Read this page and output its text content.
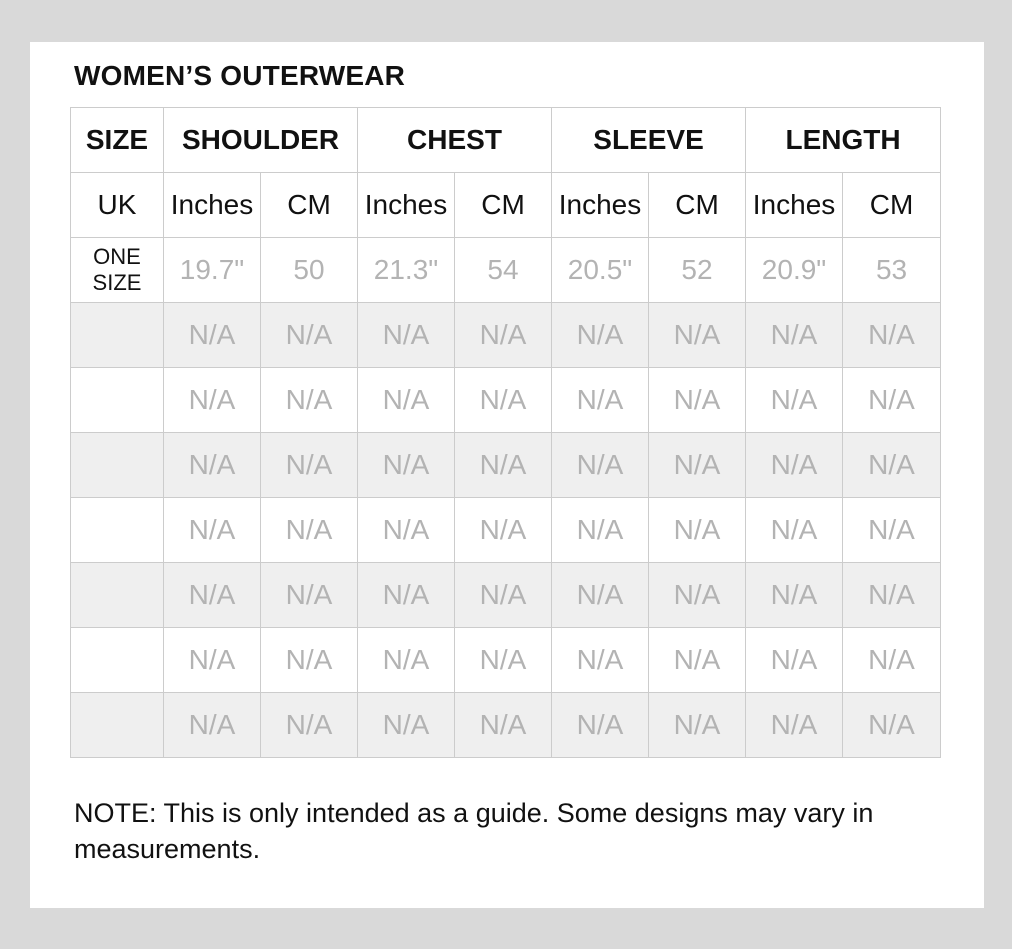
WOMEN’S OUTERWEAR
SIZE	SHOULDER		CHEST		SLEEVE		LENGTH	
UK	Inches	CM	Inches	CM	Inches	CM	Inches	CM

ONE
SIZE	19.7"	50	21.3"	54	20.5"	52	20.9"	53

	N/A	N/A	N/A	N/A	N/A	N/A	N/A	N/A

	N/A	N/A	N/A	N/A	N/A	N/A	N/A	N/A

	N/A	N/A	N/A	N/A	N/A	N/A	N/A	N/A

	N/A	N/A	N/A	N/A	N/A	N/A	N/A	N/A

	N/A	N/A	N/A	N/A	N/A	N/A	N/A	N/A

	N/A	N/A	N/A	N/A	N/A	N/A	N/A	N/A

	N/A	N/A	N/A	N/A	N/A	N/A	N/A	N/A

NOTE: This is only intended as a guide. Some designs may vary in measurements.
